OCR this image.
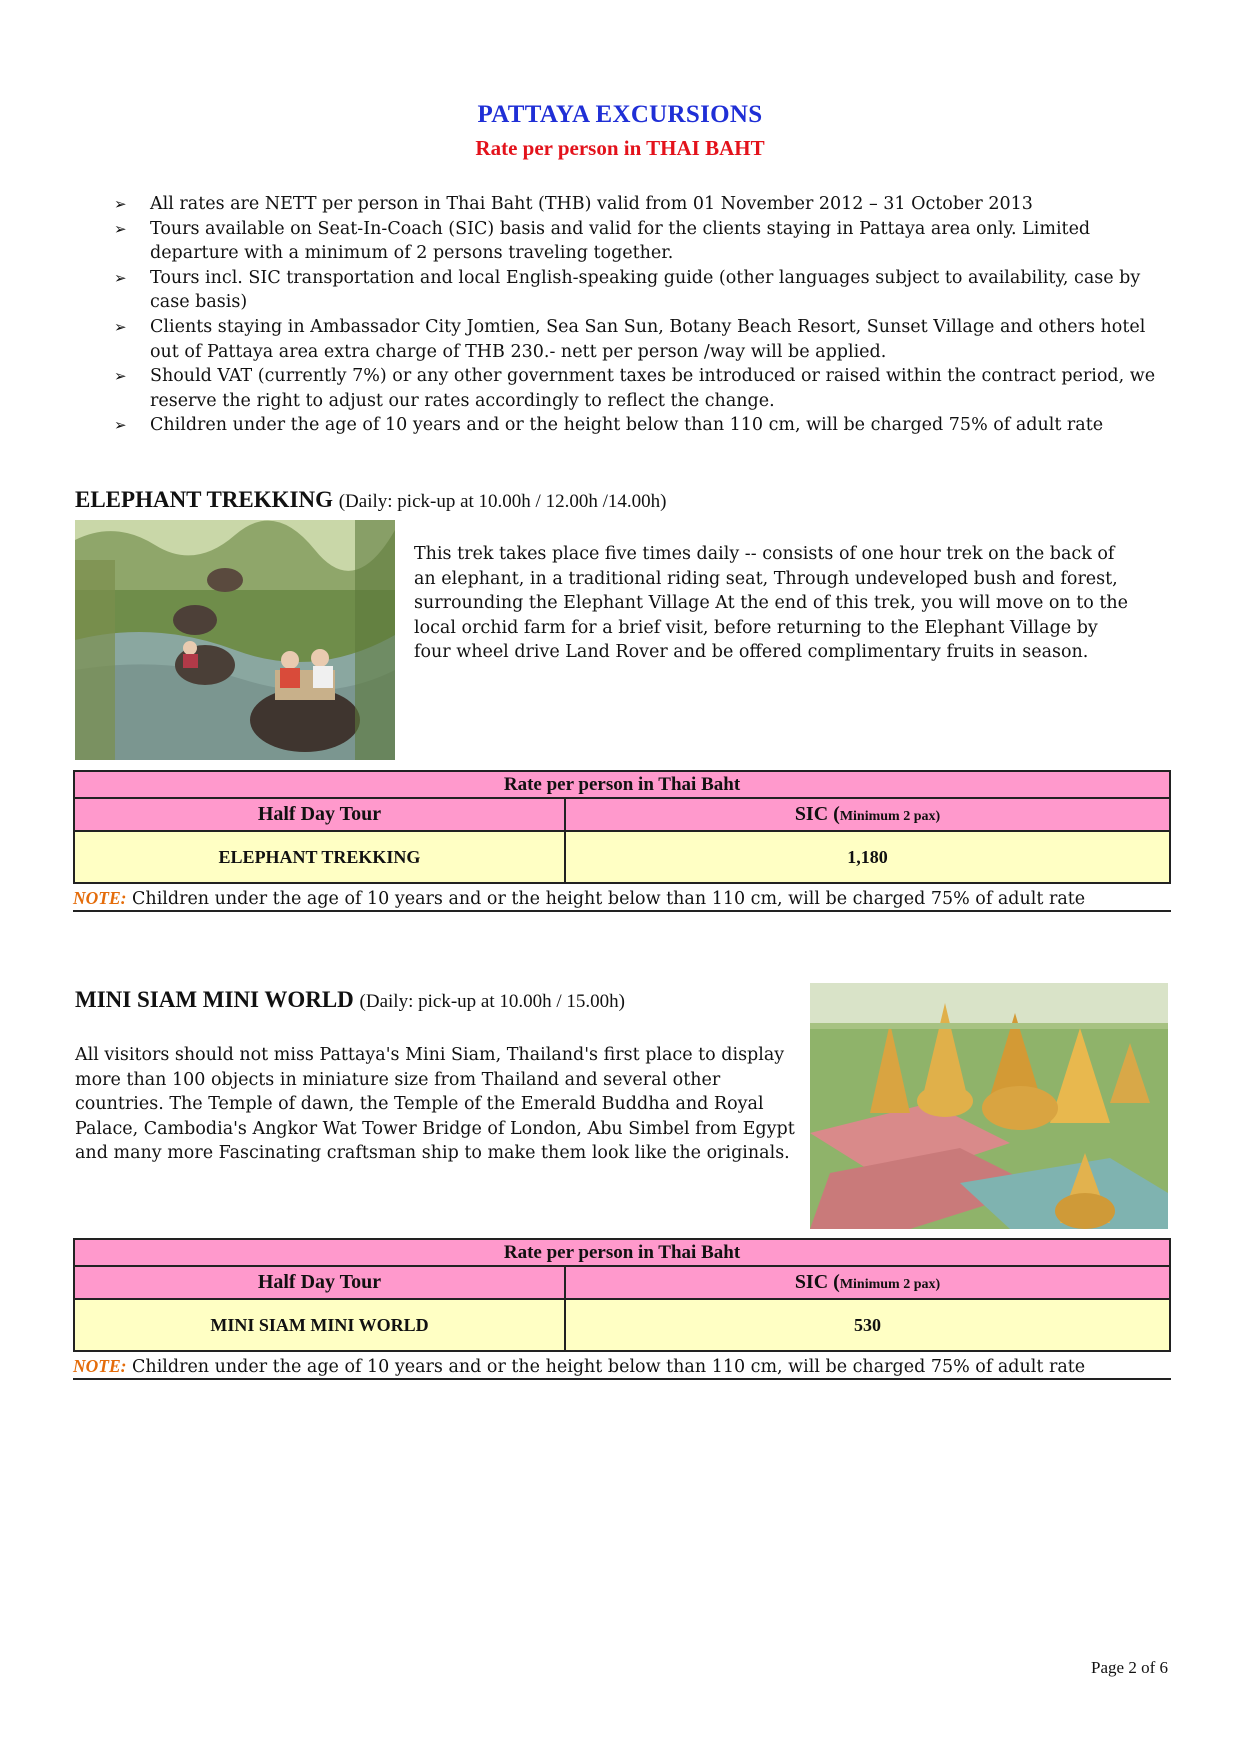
PATTAYA EXCURSIONS
Rate per person in THAI BAHT
➢ All rates are NETT per person in Thai Baht (THB) valid from 01 November 2012 – 31 October 2013
➢ Tours available on Seat-In-Coach (SIC) basis and valid for the clients staying in Pattaya area only. Limited departure with a minimum of 2 persons traveling together.
➢ Tours incl. SIC transportation and local English-speaking guide (other languages subject to availability, case by case basis)
➢ Clients staying in Ambassador City Jomtien, Sea San Sun, Botany Beach Resort, Sunset Village and others hotel out of Pattaya area extra charge of THB 230.- nett per person /way will be applied.
➢ Should VAT (currently 7%) or any other government taxes be introduced or raised within the contract period, we reserve the right to adjust our rates accordingly to reflect the change.
➢ Children under the age of 10 years and or the height below than 110 cm, will be charged 75% of adult rate
ELEPHANT TREKKING (Daily: pick-up at 10.00h / 12.00h /14.00h)
This trek takes place five times daily -- consists of one hour trek on the back of an elephant, in a traditional riding seat, Through undeveloped bush and forest, surrounding the Elephant Village At the end of this trek, you will move on to the local orchid farm for a brief visit, before returning to the Elephant Village by four wheel drive Land Rover and be offered complimentary fruits in season.
Rate per person in Thai Baht	
Half Day Tour	SIC (Minimum 2 pax)
ELEPHANT TREKKING	1,180
NOTE: Children under the age of 10 years and or the height below than 110 cm, will be charged 75% of adult rate
MINI SIAM MINI WORLD (Daily: pick-up at 10.00h / 15.00h)
All visitors should not miss Pattaya's Mini Siam, Thailand's first place to display more than 100 objects in miniature size from Thailand and several other countries. The Temple of dawn, the Temple of the Emerald Buddha and Royal Palace, Cambodia's Angkor Wat Tower Bridge of London, Abu Simbel from Egypt and many more Fascinating craftsman ship to make them look like the originals.
Rate per person in Thai Baht	
Half Day Tour	SIC (Minimum 2 pax)
MINI SIAM MINI WORLD	530
NOTE: Children under the age of 10 years and or the height below than 110 cm, will be charged 75% of adult rate
Page 2 of 6
